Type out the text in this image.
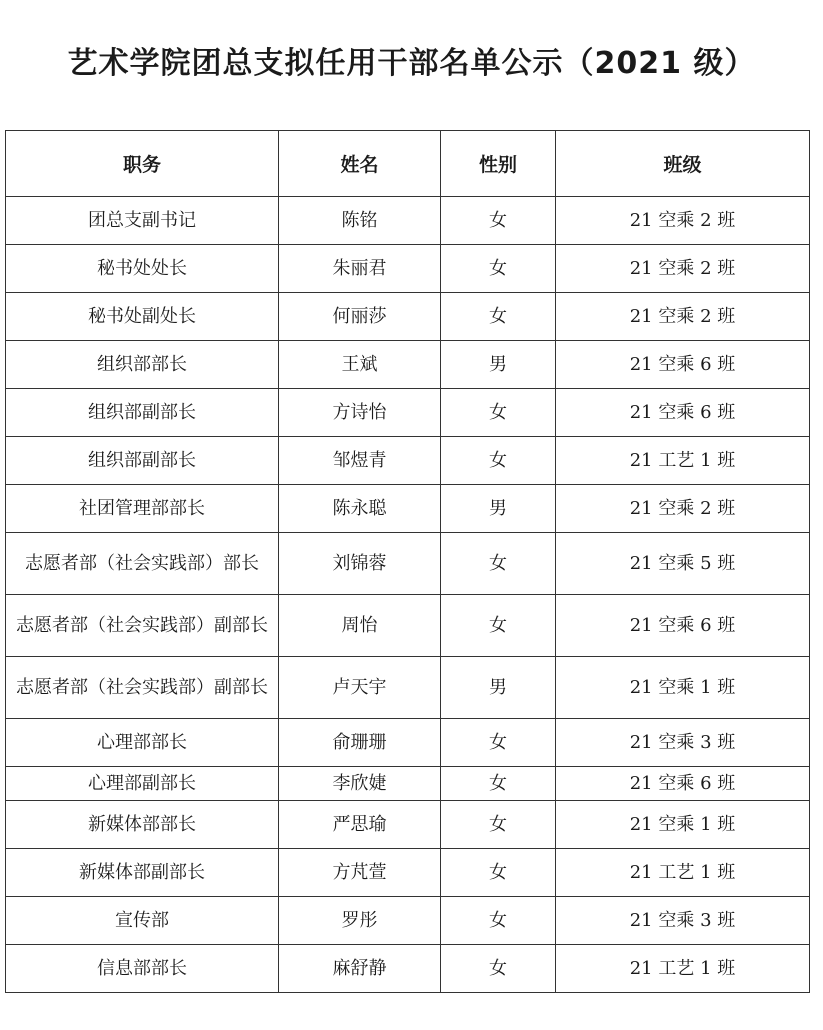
艺术学院团总支拟任用干部名单公示（2021 级）
职务	姓名	性别	班级
团总支副书记	陈铭	女	21 空乘 2 班
秘书处处长	朱丽君	女	21 空乘 2 班
秘书处副处长	何丽莎	女	21 空乘 2 班
组织部部长	王斌	男	21 空乘 6 班
组织部副部长	方诗怡	女	21 空乘 6 班
组织部副部长	邹煜青	女	21 工艺 1 班
社团管理部部长	陈永聪	男	21 空乘 2 班
志愿者部（社会实践部）部长	刘锦蓉	女	21 空乘 5 班
志愿者部（社会实践部）副部长	周怡	女	21 空乘 6 班
志愿者部（社会实践部）副部长	卢天宇	男	21 空乘 1 班
心理部部长	俞珊珊	女	21 空乘 3 班
心理部副部长	李欣婕	女	21 空乘 6 班
新媒体部部长	严思瑜	女	21 空乘 1 班
新媒体部副部长	方芃萱	女	21 工艺 1 班
宣传部	罗彤	女	21 空乘 3 班
信息部部长	麻舒静	女	21 工艺 1 班
